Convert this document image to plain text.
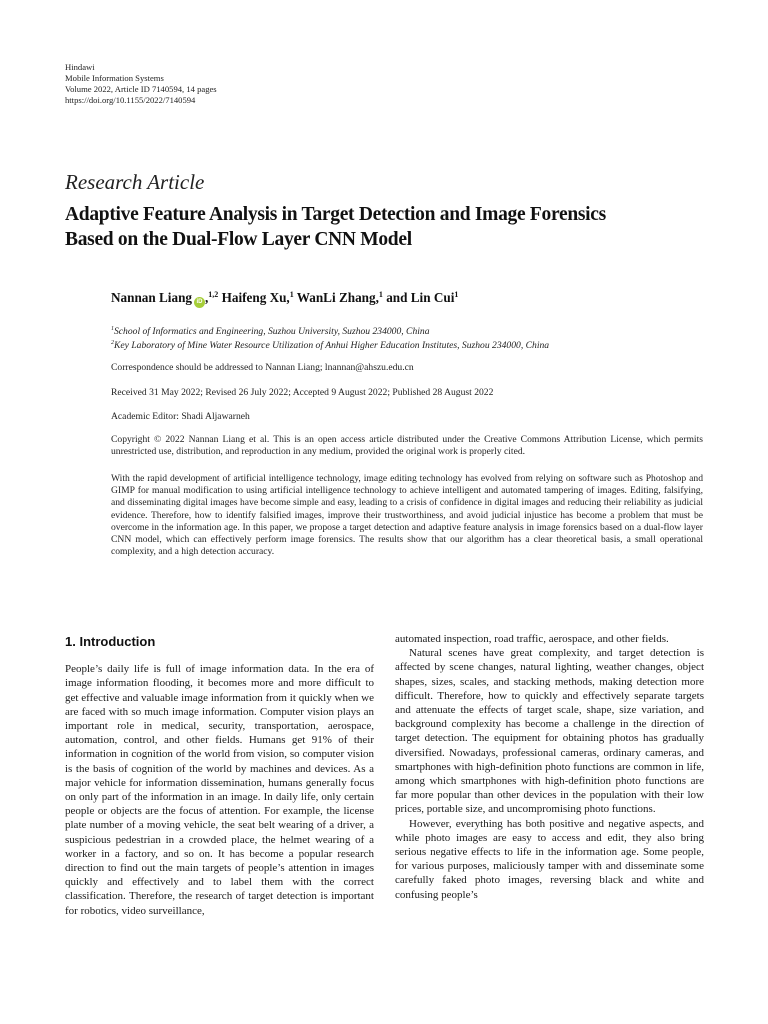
Hindawi
Mobile Information Systems
Volume 2022, Article ID 7140594, 14 pages
https://doi.org/10.1155/2022/7140594
Research Article
Adaptive Feature Analysis in Target Detection and Image Forensics
Based on the Dual-Flow Layer CNN Model
Nannan Liang iD ,$^{1,2}$ Haifeng Xu,$^1$ WanLi Zhang,$^1$ and Lin Cui$^1$
$^1$School of Informatics and Engineering, Suzhou University, Suzhou 234000, China
$^2$Key Laboratory of Mine Water Resource Utilization of Anhui Higher Education Institutes, Suzhou 234000, China
Correspondence should be addressed to Nannan Liang; lnannan@ahszu.edu.cn
Received 31 May 2022; Revised 26 July 2022; Accepted 9 August 2022; Published 28 August 2022
Academic Editor: Shadi Aljawarneh
Copyright © 2022 Nannan Liang et al. This is an open access article distributed under the Creative Commons Attribution License, which permits unrestricted use, distribution, and reproduction in any medium, provided the original work is properly cited.
With the rapid development of artificial intelligence technology, image editing technology has evolved from relying on software such as Photoshop and GIMP for manual modification to using artificial intelligence technology to achieve intelligent and automated tampering of images. Editing, falsifying, and disseminating digital images have become simple and easy, leading to a crisis of confidence in digital images and reducing their reliability as judicial evidence. Therefore, how to identify falsified images, improve their trustworthiness, and avoid judicial injustice has become a problem that must be overcome in the information age. In this paper, we propose a target detection and adaptive feature analysis in image forensics based on a dual-flow layer CNN model, which can effectively perform image forensics. The results show that our algorithm has a clear theoretical basis, a small operational complexity, and a high detection accuracy.
1. Introduction

People’s daily life is full of image information data. In the era of image information flooding, it becomes more and more difficult to get effective and valuable image information from it quickly when we are faced with so much image information. Computer vision plays an important role in medical, security, transportation, aerospace, automation, control, and other fields. Humans get 91% of their information in cognition of the world from vision, so computer vision is the basis of cognition of the world by machines and devices. As a major vehicle for information dissemination, humans generally focus on only part of the information in an image. In daily life, only certain people or objects are the focus of attention. For example, the license plate number of a moving vehicle, the seat belt wearing of a driver, a suspicious pedestrian in a crowded place, the helmet wearing of a worker in a factory, and so on. It has become a popular research direction to find out the main targets of people’s attention in images quickly and effectively and to label them with the correct classification. Therefore, the research of target detection is important for robotics, video surveillance,

automated inspection, road traffic, aerospace, and other fields.

Natural scenes have great complexity, and target detection is affected by scene changes, natural lighting, weather changes, object shapes, sizes, scales, and stacking methods, making detection more difficult. Therefore, how to quickly and effectively separate targets and attenuate the effects of target scale, shape, size variation, and background complexity has become a challenge in the direction of target detection. The equipment for obtaining photos has gradually diversified. Nowadays, professional cameras, ordinary cameras, and smartphones with high-definition photo functions are common in life, among which smartphones with high-definition photo functions are far more popular than other devices in the population with their low prices, portable size, and uncompromising photo functions.

However, everything has both positive and negative aspects, and while photo images are easy to access and edit, they also bring serious negative effects to life in the information age. Some people, for various purposes, maliciously tamper with and disseminate some carefully faked photo images, reversing black and white and confusing people’s
